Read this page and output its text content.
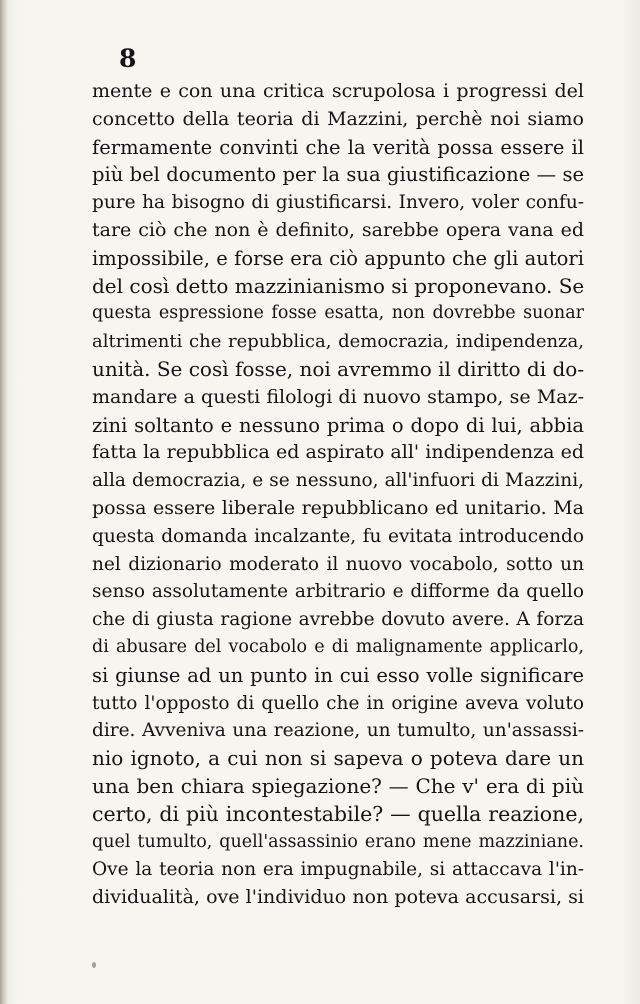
8
mente e con una critica scrupolosa i progressi del
concetto della teoria di Mazzini, perchè noi siamo
fermamente convinti che la verità possa essere il
più bel documento per la sua giustificazione — se
pure ha bisogno di giustificarsi. Invero, voler confu-
tare ciò che non è definito, sarebbe opera vana ed
impossibile, e forse era ciò appunto che gli autori
del così detto mazzinianismo si proponevano. Se
questa espressione fosse esatta, non dovrebbe suonar
altrimenti che repubblica, democrazia, indipendenza,
unità. Se così fosse, noi avremmo il diritto di do-
mandare a questi filologi di nuovo stampo, se Maz-
zini soltanto e nessuno prima o dopo di lui, abbia
fatta la repubblica ed aspirato all' indipendenza ed
alla democrazia, e se nessuno, all'infuori di Mazzini,
possa essere liberale repubblicano ed unitario. Ma
questa domanda incalzante, fu evitata introducendo
nel dizionario moderato il nuovo vocabolo, sotto un
senso assolutamente arbitrario e difforme da quello
che di giusta ragione avrebbe dovuto avere. A forza
di abusare del vocabolo e di malignamente applicarlo,
si giunse ad un punto in cui esso volle significare
tutto l'opposto di quello che in origine aveva voluto
dire. Avveniva una reazione, un tumulto, un'assassi-
nio ignoto, a cui non si sapeva o poteva dare un
una ben chiara spiegazione? — Che v' era di più
certo, di più incontestabile? — quella reazione,
quel tumulto, quell'assassinio erano mene mazziniane.
Ove la teoria non era impugnabile, si attaccava l'in-
dividualità, ove l'individuo non poteva accusarsi, si
